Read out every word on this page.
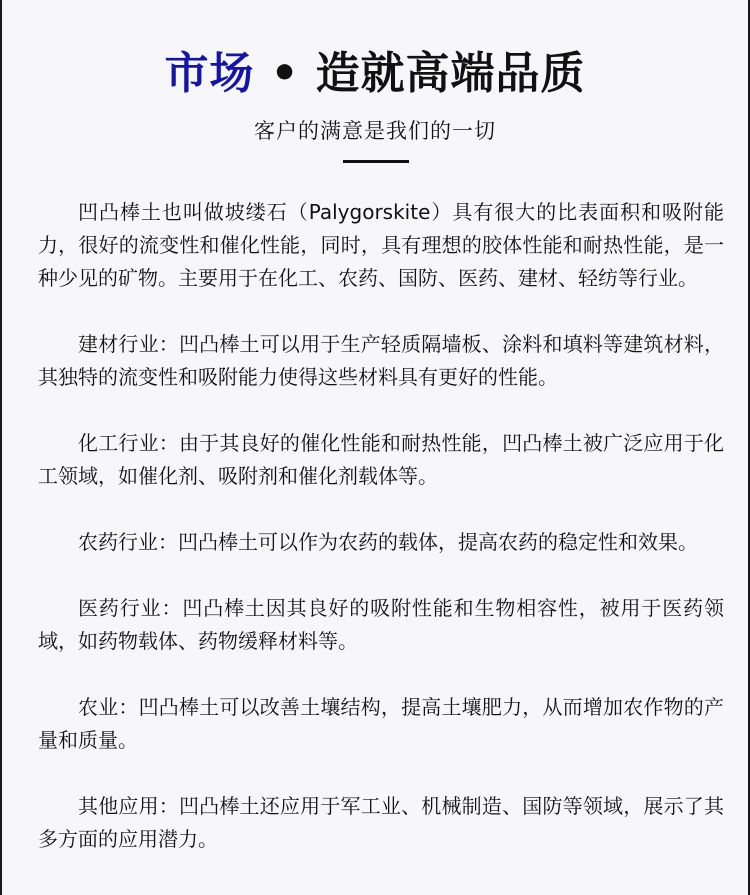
市场 • 造就高端品质
客户的满意是我们的一切

凹凸棒土也叫做坡缕石（Palygorskite）具有很大的比表面积和吸附能力，很好的流变性和催化性能，同时，具有理想的胶体性能和耐热性能，是一种少见的矿物。主要用于在化工、农药、国防、医药、建材、轻纺等行业。

建材行业：凹凸棒土可以用于生产轻质隔墙板、涂料和填料等建筑材料，其独特的流变性和吸附能力使得这些材料具有更好的性能。

化工行业：由于其良好的催化性能和耐热性能，凹凸棒土被广泛应用于化工领域，如催化剂、吸附剂和催化剂载体等。

农药行业：凹凸棒土可以作为农药的载体，提高农药的稳定性和效果。

医药行业：凹凸棒土因其良好的吸附性能和生物相容性，被用于医药领域，如药物载体、药物缓释材料等。

农业：凹凸棒土可以改善土壤结构，提高土壤肥力，从而增加农作物的产量和质量。

其他应用：凹凸棒土还应用于军工业、机械制造、国防等领域，展示了其多方面的应用潜力。
